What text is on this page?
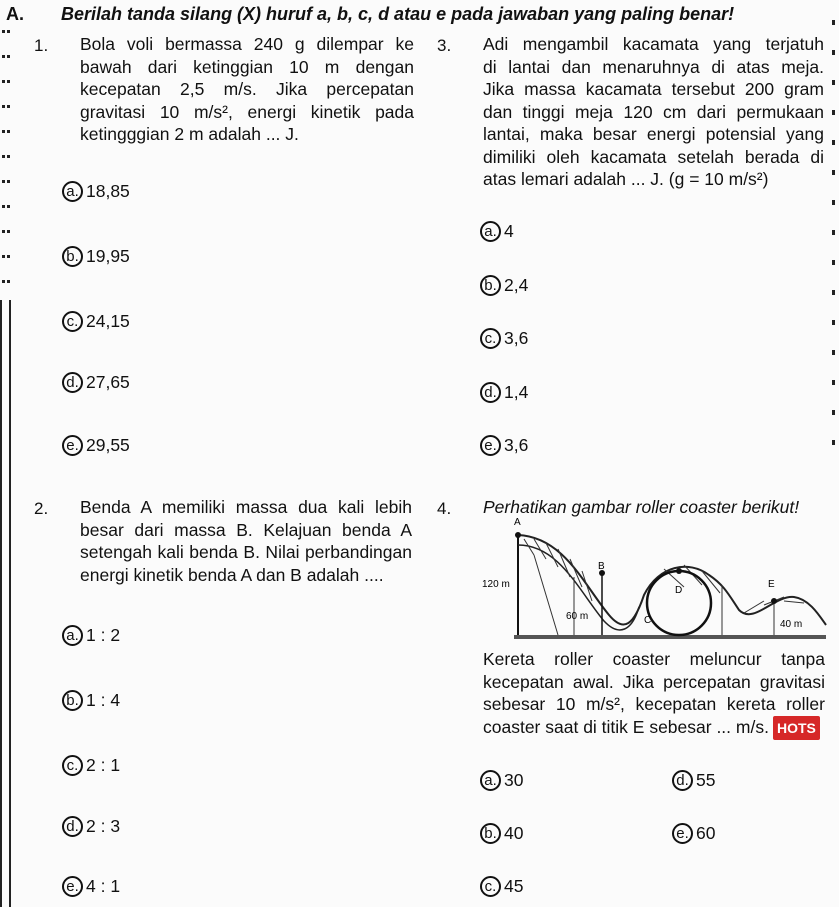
A. Berilah tanda silang (X) huruf a, b, c, d atau e pada jawaban yang paling benar!
1. Bola voli bermassa 240 g dilempar ke

bawah dari ketinggian 10 m dengan

kecepatan 2,5 m/s. Jika percepatan

gravitasi 10 m/s², energi kinetik pada

ketingggian 2 m adalah ... J.

a. 18,85
b. 19,95
c. 24,15
d. 27,65
e. 29,55
3. Adi mengambil kacamata yang terjatuh

di lantai dan menaruhnya di atas meja.

Jika massa kacamata tersebut 200 gram

dan tinggi meja 120 cm dari permukaan

lantai, maka besar energi potensial yang

dimiliki oleh kacamata setelah berada di

atas lemari adalah ... J. (g = 10 m/s²)

a. 4
b. 2,4
c. 3,6
d. 1,4
e. 3,6
2. Benda A memiliki massa dua kali lebih

besar dari massa B. Kelajuan benda A

setengah kali benda B. Nilai perbandingan

energi kinetik benda A dan B adalah ....

a. 1 : 2
b. 1 : 4
c. 2 : 1
d. 2 : 3
e. 4 : 1
4. Perhatikan gambar roller coaster berikut!
A
B
C
D
E
120 m
60 m
40 m

Kereta roller coaster meluncur tanpa

kecepatan awal. Jika percepatan gravitasi

sebesar 10 m/s², kecepatan kereta roller

coaster saat di titik E sebesar ... m/s. HOTS

a. 30
b. 40
c. 45
d. 55
e. 60
